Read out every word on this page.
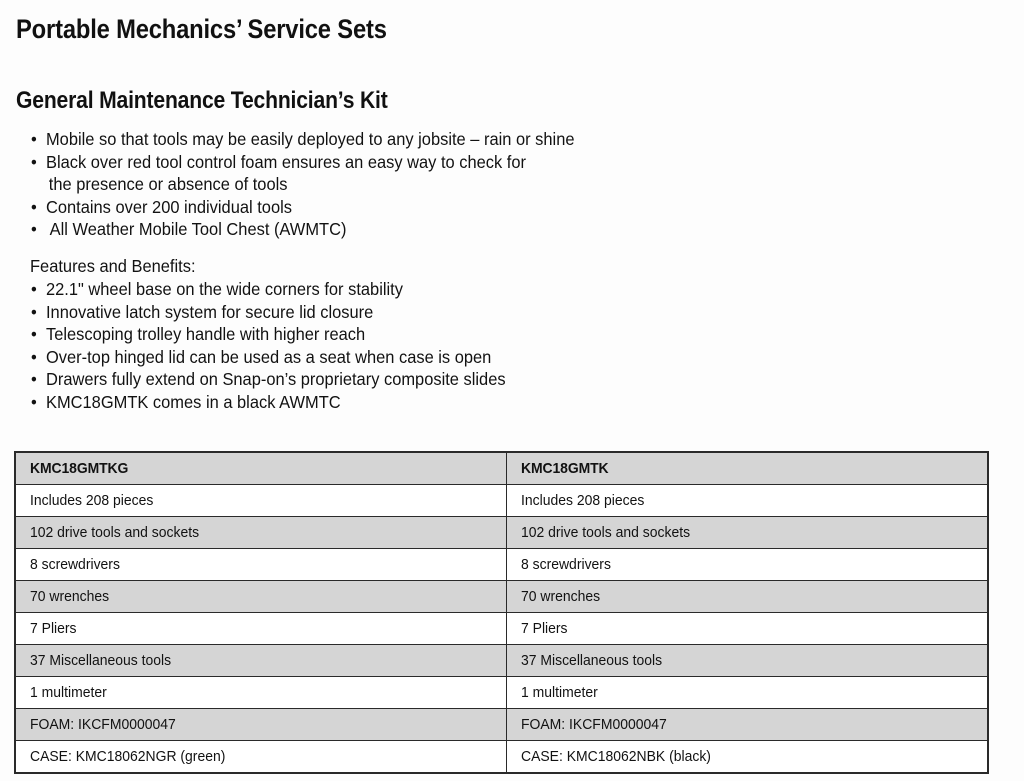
Portable Mechanics’ Service Sets
General Maintenance Technician’s Kit
• Mobile so that tools may be easily deployed to any jobsite – rain or shine
• Black over red tool control foam ensures an easy way to check for
the presence or absence of tools
• Contains over 200 individual tools
• All Weather Mobile Tool Chest (AWMTC)
Features and Benefits:
• 22.1" wheel base on the wide corners for stability
• Innovative latch system for secure lid closure
• Telescoping trolley handle with higher reach
• Over-top hinged lid can be used as a seat when case is open
• Drawers fully extend on Snap-on’s proprietary composite slides
• KMC18GMTK comes in a black AWMTC
KMC18GMTKG	KMC18GMTK
Includes 208 pieces	Includes 208 pieces
102 drive tools and sockets	102 drive tools and sockets
8 screwdrivers	8 screwdrivers
70 wrenches	70 wrenches
7 Pliers	7 Pliers
37 Miscellaneous tools	37 Miscellaneous tools
1 multimeter	1 multimeter
FOAM: IKCFM0000047	FOAM: IKCFM0000047
CASE: KMC18062NGR (green)	CASE: KMC18062NBK (black)
